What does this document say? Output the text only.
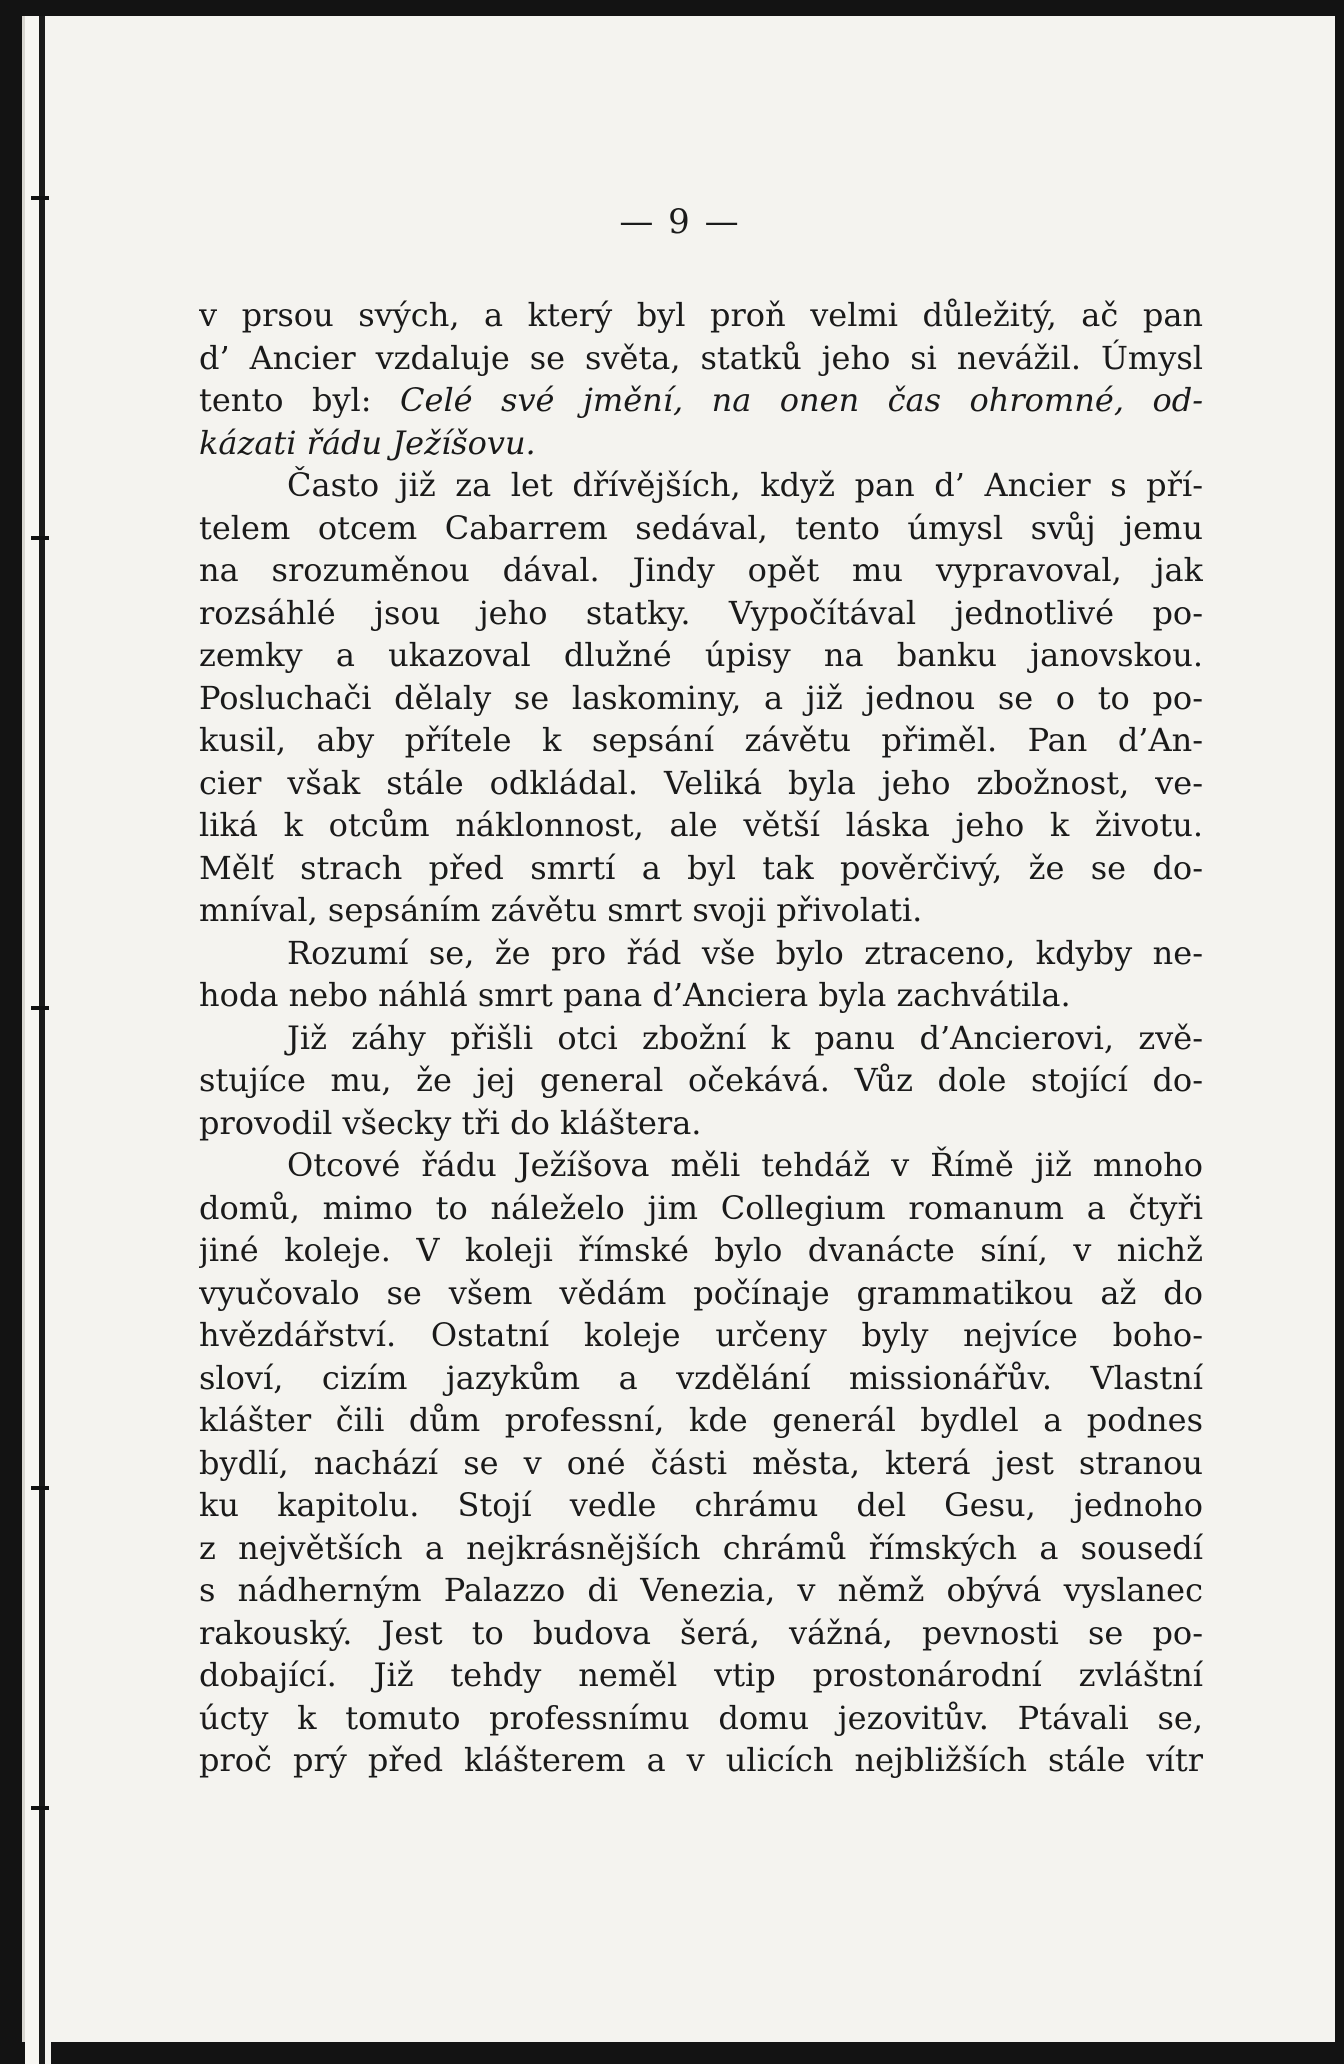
— 9 —
v prsou svých, a který byl proň velmi důležitý, ač pan
d’ Ancier vzdaluje se světa, statků jeho si nevážil. Úmysl
tento byl: Celé své jmění, na onen čas ohromné, od-
kázati řádu Ježíšovu.
Často již za let dřívějších, když pan d’ Ancier s pří-
telem otcem Cabarrem sedával, tento úmysl svůj jemu
na srozuměnou dával. Jindy opět mu vypravoval, jak
rozsáhlé jsou jeho statky. Vypočítával jednotlivé po-
zemky a ukazoval dlužné úpisy na banku janovskou.
Posluchači dělaly se laskominy, a již jednou se o to po-
kusil, aby přítele k sepsání závětu přiměl. Pan d’An-
cier však stále odkládal. Veliká byla jeho zbožnost, ve-
liká k otcům náklonnost, ale větší láska jeho k životu.
Mělť strach před smrtí a byl tak pověrčivý, že se do-
mníval, sepsáním závětu smrt svoji přivolati.
Rozumí se, že pro řád vše bylo ztraceno, kdyby ne-
hoda nebo náhlá smrt pana d’Anciera byla zachvátila.
Již záhy přišli otci zbožní k panu d’Ancierovi, zvě-
stujíce mu, že jej general očekává. Vůz dole stojící do-
provodil všecky tři do kláštera.
Otcové řádu Ježíšova měli tehdáž v Římě již mnoho
domů, mimo to náleželo jim Collegium romanum a čtyři
jiné koleje. V koleji římské bylo dvanácte síní, v nichž
vyučovalo se všem vědám počínaje grammatikou až do
hvězdářství. Ostatní koleje určeny byly nejvíce boho-
sloví, cizím jazykům a vzdělání missionářův. Vlastní
klášter čili dům professní, kde generál bydlel a podnes
bydlí, nachází se v oné části města, která jest stranou
ku kapitolu. Stojí vedle chrámu del Gesu, jednoho
z největších a nejkrásnějších chrámů římských a sousedí
s nádherným Palazzo di Venezia, v němž obývá vyslanec
rakouský. Jest to budova šerá, vážná, pevnosti se po-
dobající. Již tehdy neměl vtip prostonárodní zvláštní
úcty k tomuto professnímu domu jezovitův. Ptávali se,
proč prý před klášterem a v ulicích nejbližších stále vítr
